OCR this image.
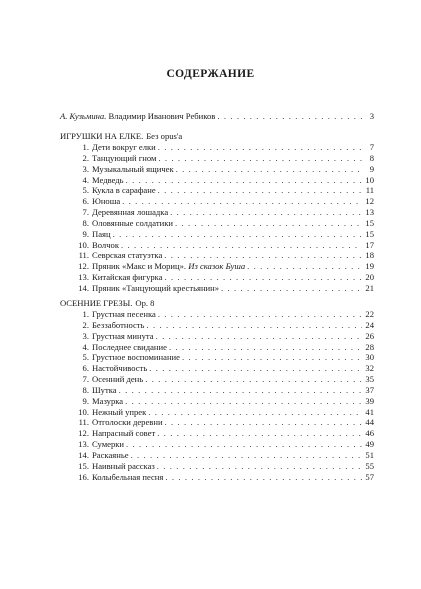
СОДЕРЖАНИЕ
А. Кузьмина. Владимир Иванович Ребиков . . .	3
ИГРУШКИ НА ЕЛКЕ. Без opus'а
1. Дети вокруг елки . . .	7
2. Танцующий гном . . .	8
3. Музыкальный ящичек . . .	9
4. Медведь . . .	10
5. Кукла в сарафане . . .	11
6. Юноша . . .	12
7. Деревянная лошадка . . .	13
8. Оловянные солдатики . . .	15
9. Паяц . . .	15
10. Волчок . . .	17
11. Севрская статуэтка . . .	18
12. Пряник «Макс и Мориц». Из сказок Буша . . .	19
13. Китайская фигурка . . .	20
14. Пряник «Танцующий крестьянин» . . .	21
ОСЕННИЕ ГРЕЗЫ. Op. 8
1. Грустная песенка . . .	22
2. Беззаботность . . .	24
3. Грустная минута . . .	26
4. Последнее свидание . . .	28
5. Грустное воспоминание . . .	30
6. Настойчивость . . .	32
7. Осенний день . . .	35
8. Шутка . . .	37
9. Мазурка . . .	39
10. Нежный упрек . . .	41
11. Отголоски деревни . . .	44
12. Напрасный совет . . .	46
13. Сумерки . . .	49
14. Раскаянье . . .	51
15. Наивный рассказ . . .	55
16. Колыбельная песня . . .	57
